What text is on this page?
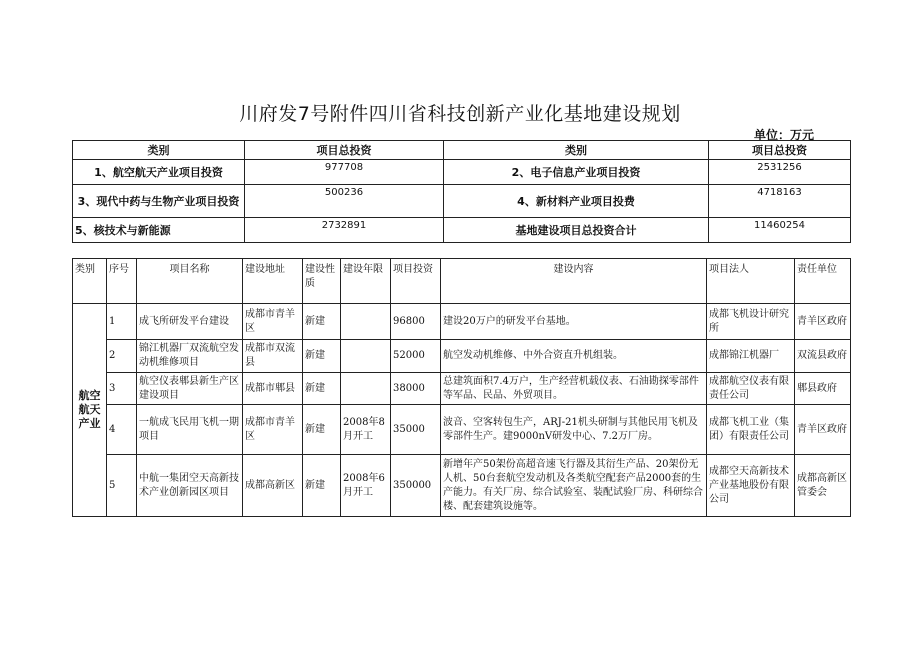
川府发7号附件四川省科技创新产业化基地建设规划
单位：万元
类别	项目总投资	类别	项目总投资
1、航空航天产业项目投资	977708	2、电子信息产业项目投资	2531256
3、现代中药与生物产业项目投资	500236	4、新材料产业项目投费	4718163
5、核技术与新能源	2732891	基地建设项目总投资合计	11460254
类别	序号	项目名称	建设地址	建设性质	建设年限	项目投资	建设内容	项目法人	责任单位
航空航天产业	1	成飞所研发平台建设	成都市青羊区	新建		96800	建设20万户的研发平台基地。	成都飞机设计研究所	青羊区政府
	2	锦江机器厂双流航空发动机维修项目	成都市双流县	新建		52000	航空发动机维修、中外合资直升机组装。	成都锦江机器厂	双流县政府
	3	航空仪表郫县新生产区建设项目	成都市郫县	新建		38000	总建筑面积7.4万户，生产经营机载仪表、石油勘探零部件等军品、民品、外贸项目。	成都航空仪表有限责任公司	郫县政府
	4	一航成飞民用飞机一期项目	成都市青羊区	新建	2008年8月开工	35000	波音、空客转包生产，ARJ-21机头研制与其他民用飞机及零部件生产。建9000nV研发中心、7.2万厂房。	成都飞机工业（集团）有限责任公司	青羊区政府
	5	中航一集团空天高新技术产业创新园区项目	成都高新区	新建	2008年6月开工	350000	新增年产50架份高超音速飞行器及其衍生产品、20架份无人机、50台套航空发动机及各类航空配套产品2000套的生产能力。有关厂房、综合试验室、装配试验厂房、科研综合楼、配套建筑设施等。	成都空天高新技术产业基地股份有限公司	成都高新区管委会
